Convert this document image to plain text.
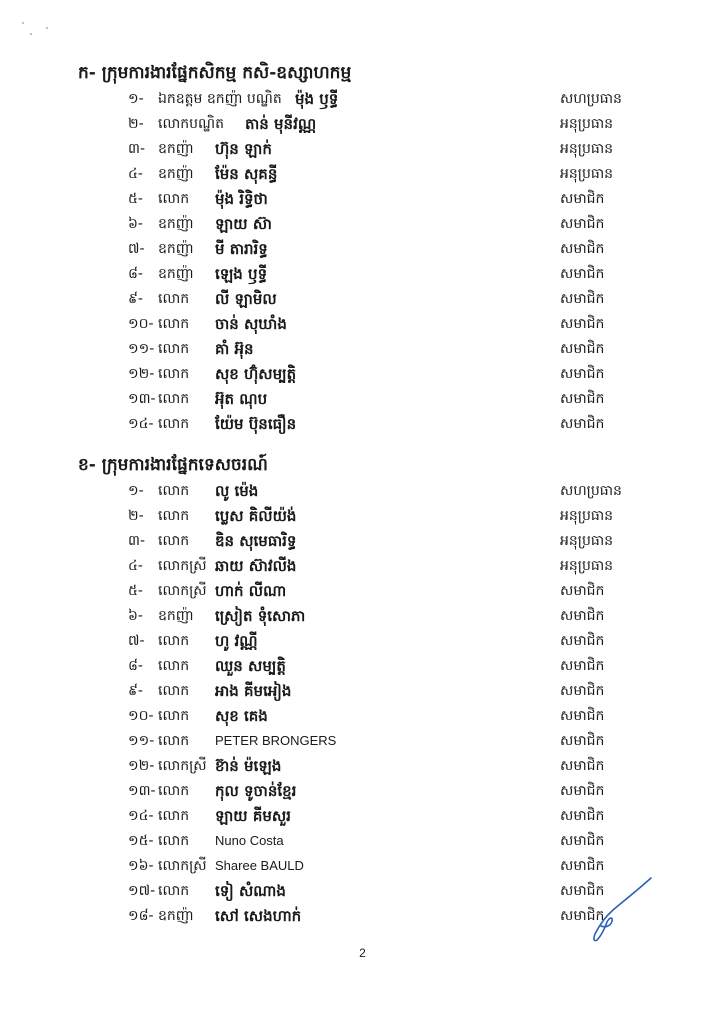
ក- ក្រុមការងារផ្នែកសិកម្ម កសិ-ឧស្សាហកម្ម
១- ឯកឧត្តម ឧកញ៉ា បណ្ឌិត ម៉ុង ឫទ្ធី	សហប្រធាន
២- លោកបណ្ឌិត តាន់ មុនីវណ្ណ	អនុប្រធាន
៣- ឧកញ៉ា ហ៊ុន ឡាក់	អនុប្រធាន
៤- ឧកញ៉ា ម៉ែន សុគន្ធី	អនុប្រធាន
៥- លោក ម៉ុង រិទ្ធិថា	សមាជិក
៦- ឧកញ៉ា ឡាយ ស៊ា	សមាជិក
៧- ឧកញ៉ា មី តារារិទ្ធ	សមាជិក
៨- ឧកញ៉ា ឡេង ឫទ្ធី	សមាជិក
៩- លោក លី ឡាមិល	សមាជិក
១០- លោក ចាន់ សុឃាំង	សមាជិក
១១- លោក គាំ អ៊ុន	សមាជិក
១២- លោក សុខ ហ៊ុំសម្បត្តិ	សមាជិក
១៣- លោក អ៊ុត ណុប	សមាជិក
១៤- លោក យ៉ែម ប៊ុនធឿន	សមាជិក
ខ- ក្រុមការងារផ្នែកទេសចរណ៍
១- លោក លូ ម៉េង	សហប្រធាន
២- លោក ប្លេស គិលីយ៉ង់	អនុប្រធាន
៣- លោក ឌិន សុមេធារិទ្ធ	អនុប្រធាន
៤- លោកស្រី ឆាយ ស៊ាវលីង	អនុប្រធាន
៥- លោកស្រី ហាក់ លីណា	សមាជិក
៦- ឧកញ៉ា ស្រៀត ទុំសោភា	សមាជិក
៧- លោក ហូ វណ្ណី	សមាជិក
៨- លោក ឈួន សម្បត្តិ	សមាជិក
៩- លោក អាង គីមអៀង	សមាជិក
១០- លោក សុខ គេង	សមាជិក
១១- លោក PETER BRONGERS	សមាជិក
១២- លោកស្រី ខ៊ាន់ ម៉ឡេង	សមាជិក
១៣- លោក កុល ទូចាន់ខ្មែរ	សមាជិក
១៤- លោក ឡាយ គីមសួរ	សមាជិក
១៥- លោក Nuno Costa	សមាជិក
១៦- លោកស្រី Sharee BAULD	សមាជិក
១៧- លោក ទៀ សំណាង	សមាជិក
១៨- ឧកញ៉ា សៅ សេងហាក់	សមាជិក
2
